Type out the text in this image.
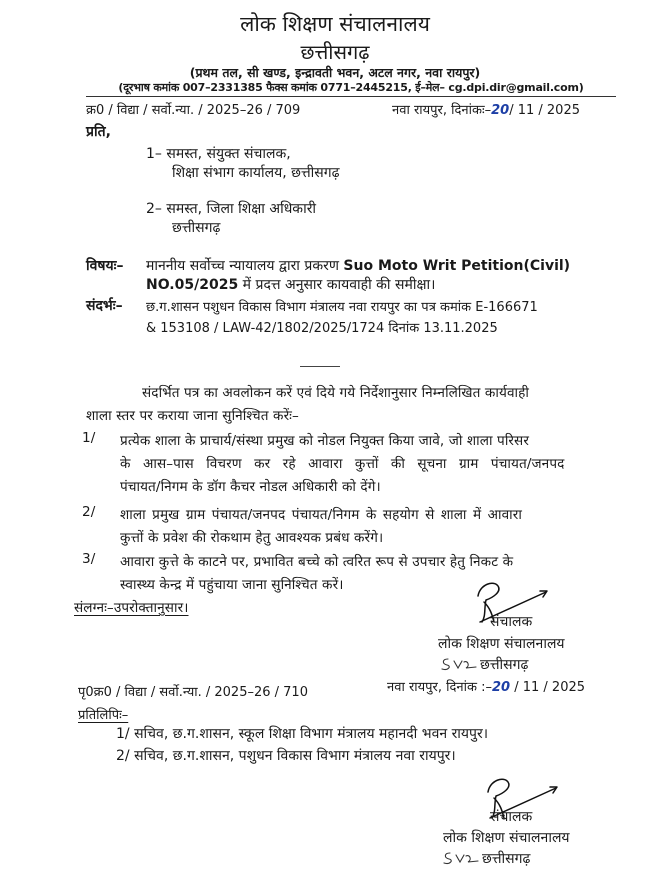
लोक शिक्षण संचालनालय
छत्तीसगढ़
(प्रथम तल, सी खण्ड, इन्द्रावती भवन, अटल नगर, नवा रायपुर)
(दूरभाष कमांक 007–2331385 फैक्स कमांक 0771–2445215, ई–मेल– cg.dpi.dir@gmail.com)
क्र0 / विद्या / सर्वो.न्या. / 2025–26 / 709	नवा रायपुर, दिनांकः–20/ 11 / 2025
प्रति,
1– समस्त, संयुक्त संचालक,
शिक्षा संभाग कार्यालय, छत्तीसगढ़
2– समस्त, जिला शिक्षा अधिकारी
छत्तीसगढ़
विषयः– माननीय सर्वोच्च न्यायालय द्वारा प्रकरण Suo Moto Writ Petition(Civil)
NO.05/2025 में प्रदत्त अनुसार कायवाही की समीक्षा।
संदर्भः– छ.ग.शासन पशुधन विकास विभाग मंत्रालय नवा रायपुर का पत्र कमांक E-166671
& 153108 / LAW-42/1802/2025/1724 दिनांक 13.11.2025
संदर्भित पत्र का अवलोकन करें एवं दिये गये निर्देशानुसार निम्नलिखित कार्यवाही
शाला स्तर पर कराया जाना सुनिश्चित करेंः–
1/ प्रत्येक शाला के प्राचार्य/संस्था प्रमुख को नोडल नियुक्त किया जावे, जो शाला परिसर
के आस–पास विचरण कर रहे आवारा कुत्तों की सूचना ग्राम पंचायत/जनपद
पंचायत/निगम के डॉग कैचर नोडल अधिकारी को देंगे।
2/ शाला प्रमुख ग्राम पंचायत/जनपद पंचायत/निगम के सहयोग से शाला में आवारा
कुत्तों के प्रवेश की रोकथाम हेतु आवश्यक प्रबंध करेंगे।
3/ आवारा कुत्ते के काटने पर, प्रभावित बच्चे को त्वरित रूप से उपचार हेतु निकट के
स्वास्थ्य केन्द्र में पहुंचाया जाना सुनिश्चित करें।
संलग्नः–उपरोक्तानुसार।
संचालक
लोक शिक्षण संचालनालय
छत्तीसगढ़
नवा रायपुर, दिनांक :–20 / 11 / 2025
पृ0क्र0 / विद्या / सर्वो.न्या. / 2025–26 / 710
प्रतिलिपिः–
1/ सचिव, छ.ग.शासन, स्कूल शिक्षा विभाग मंत्रालय महानदी भवन रायपुर।
2/ सचिव, छ.ग.शासन, पशुधन विकास विभाग मंत्रालय नवा रायपुर।
संचालक
लोक शिक्षण संचालनालय
छत्तीसगढ़
